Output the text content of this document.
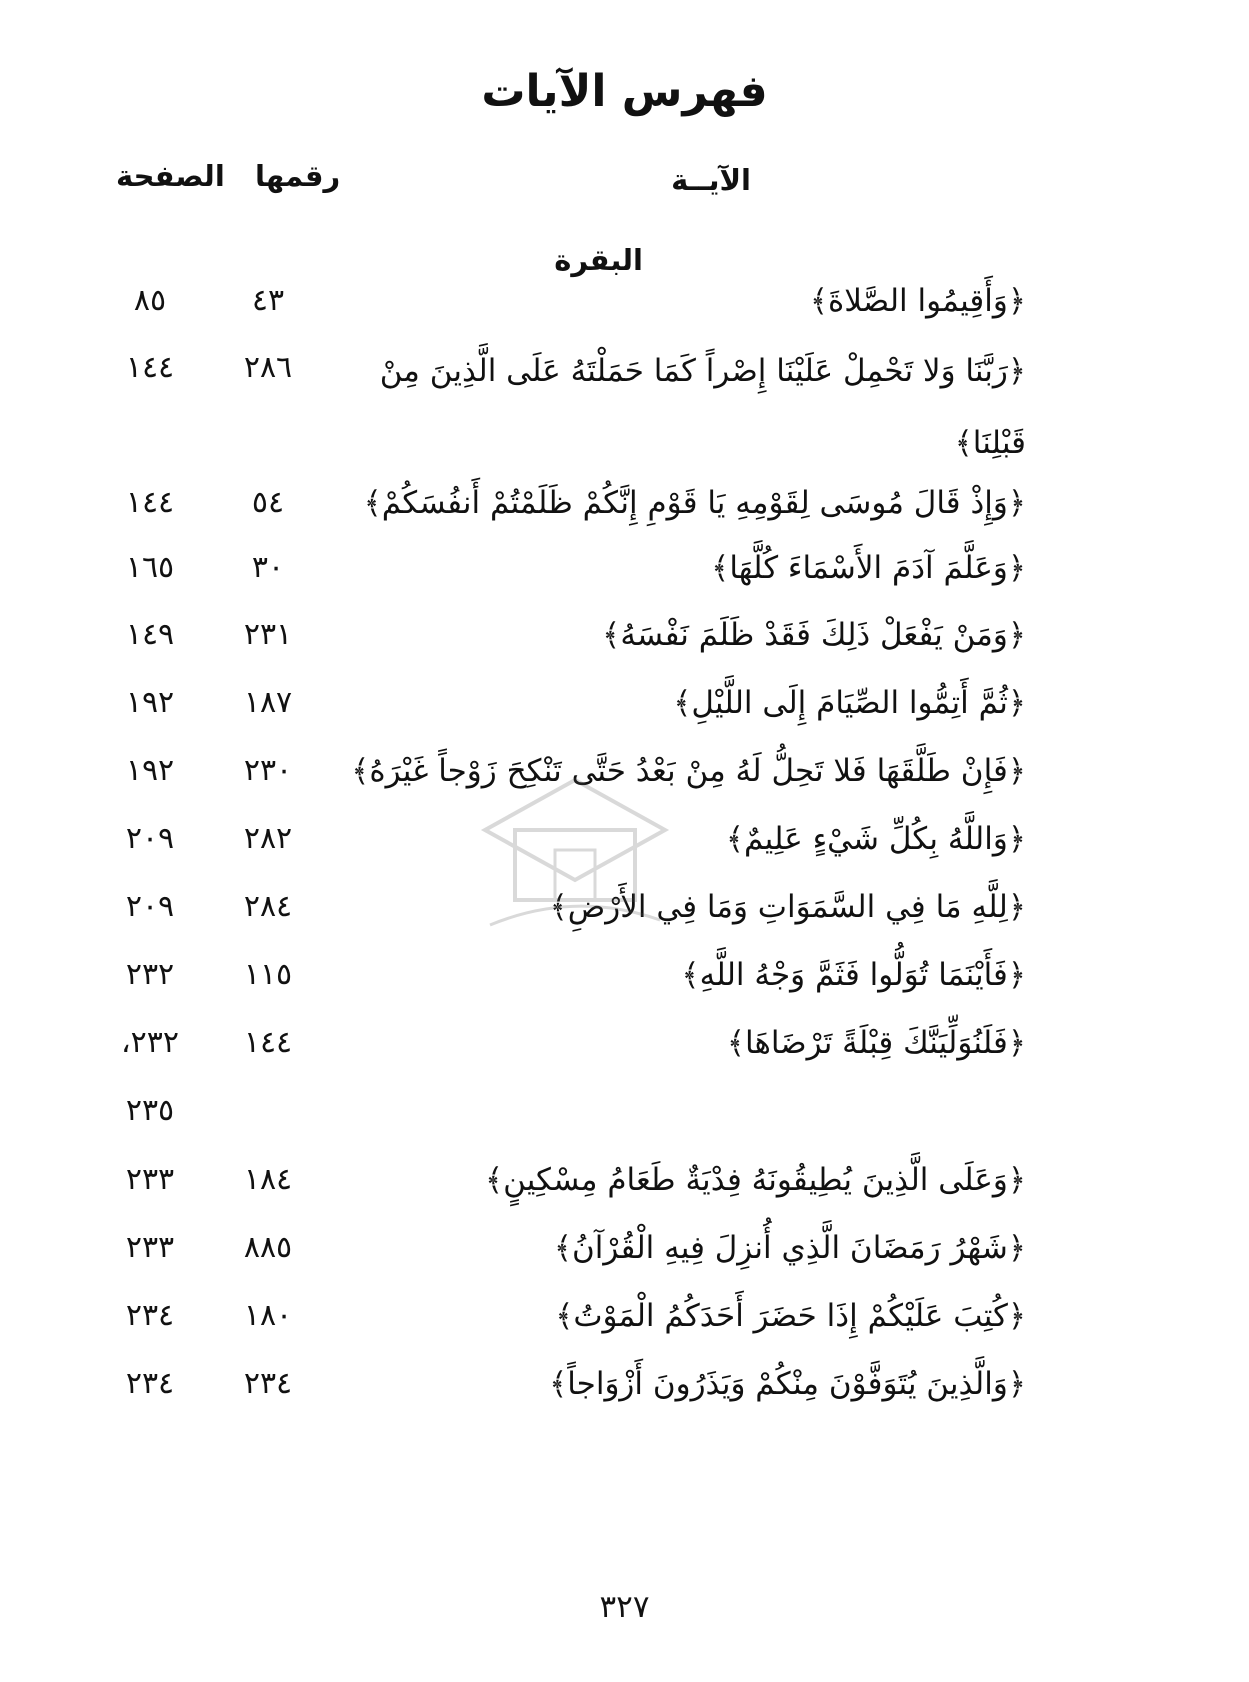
فهرس الآيات
الآيــة
رقمها
الصفحة
البقرة
﴿وَأَقِيمُوا الصَّلاةَ﴾
٤٣
٨٥
﴿رَبَّنَا وَلا تَحْمِلْ عَلَيْنَا إِصْراً كَمَا حَمَلْتَهُ عَلَى الَّذِينَ مِنْ قَبْلِنَا﴾
٢٨٦
١٤٤
﴿وَإِذْ قَالَ مُوسَى لِقَوْمِهِ يَا قَوْمِ إِنَّكُمْ ظَلَمْتُمْ أَنفُسَكُمْ﴾
٥٤
١٤٤
﴿وَعَلَّمَ آدَمَ الأَسْمَاءَ كُلَّهَا﴾
٣٠
١٦٥
﴿وَمَنْ يَفْعَلْ ذَلِكَ فَقَدْ ظَلَمَ نَفْسَهُ﴾
٢٣١
١٤٩
﴿ثُمَّ أَتِمُّوا الصِّيَامَ إِلَى اللَّيْلِ﴾
١٨٧
١٩٢
﴿فَإِنْ طَلَّقَهَا فَلا تَحِلُّ لَهُ مِنْ بَعْدُ حَتَّى تَنْكِحَ زَوْجاً غَيْرَهُ﴾
٢٣٠
١٩٢
﴿وَاللَّهُ بِكُلِّ شَيْءٍ عَلِيمٌ﴾
٢٨٢
٢٠٩
﴿لِلَّهِ مَا فِي السَّمَوَاتِ وَمَا فِي الأَرْضِ﴾
٢٨٤
٢٠٩
﴿فَأَيْنَمَا تُوَلُّوا فَثَمَّ وَجْهُ اللَّهِ﴾
١١٥
٢٣٢
﴿فَلَنُوَلِّيَنَّكَ قِبْلَةً تَرْضَاهَا﴾
١٤٤
٢٣٢،
٢٣٥
﴿وَعَلَى الَّذِينَ يُطِيقُونَهُ فِدْيَةٌ طَعَامُ مِسْكِينٍ﴾
١٨٤
٢٣٣
﴿شَهْرُ رَمَضَانَ الَّذِي أُنزِلَ فِيهِ الْقُرْآنُ﴾
٨٨٥
٢٣٣
﴿كُتِبَ عَلَيْكُمْ إِذَا حَضَرَ أَحَدَكُمُ الْمَوْتُ﴾
١٨٠
٢٣٤
﴿وَالَّذِينَ يُتَوَفَّوْنَ مِنْكُمْ وَيَذَرُونَ أَزْوَاجاً﴾
٢٣٤
٢٣٤
٣٢٧
